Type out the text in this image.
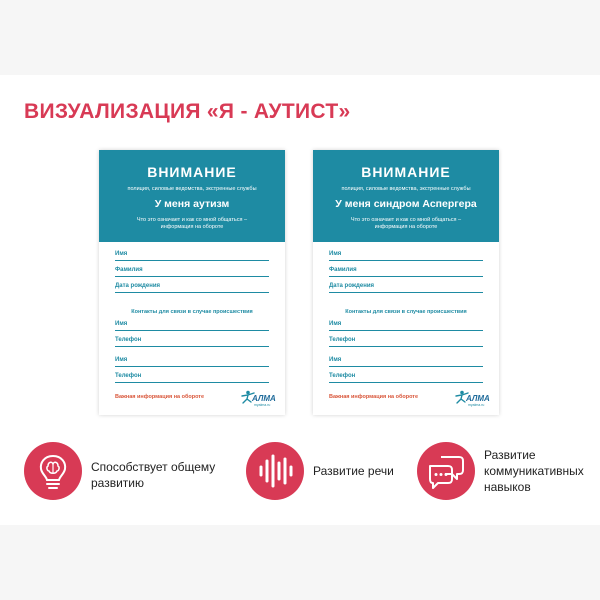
ВИЗУАЛИЗАЦИЯ «Я - АУТИСТ»
ВНИМАНИЕ
полиция, силовые ведомства, экстренные службы
У меня аутизм
Что это означает и как со мной общаться – информация на обороте
Имя
Фамилия
Дата рождения
Контакты для связи в случае происшествия
Имя
Телефон
Имя
Телефон
Важная информация на обороте	АЛМА
myalma.ru
ВНИМАНИЕ
полиция, силовые ведомства, экстренные службы
У меня синдром Аспергера
Что это означает и как со мной общаться – информация на обороте
Имя
Фамилия
Дата рождения
Контакты для связи в случае происшествия
Имя
Телефон
Имя
Телефон
Важная информация на обороте	АЛМА
myalma.ru
Способствует общему
развитию
Развитие речи
Развитие
коммуникативных
навыков
